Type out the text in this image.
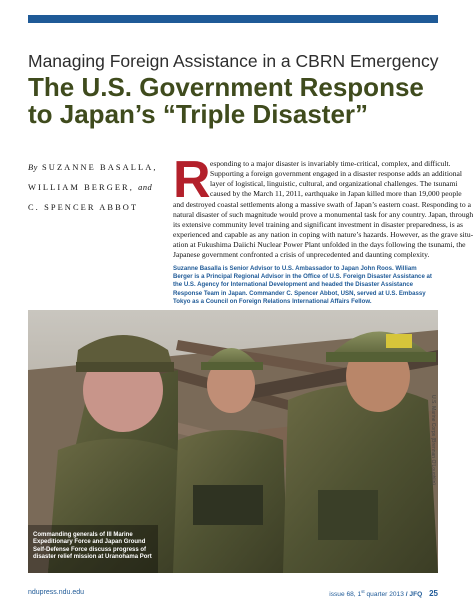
Managing Foreign Assistance in a CBRN Emergency
The U.S. Government Response
to Japan’s “Triple Disaster”
By SUZANNE BASALLA,
WILLIAM BERGER, and
C. SPENCER ABBOT R esponding to a major disaster is invariably time-critical, complex, and difficult.
Supporting a foreign government engaged in a disaster response adds an additional
layer of logistical, linguistic, cultural, and organizational challenges. The tsunami
caused by the March 11, 2011, earthquake in Japan killed more than 19,000 people
and destroyed coastal settlements along a massive swath of Japan’s eastern coast. Responding to a
natural disaster of such magnitude would prove a monumental task for any country. Japan, through
its extensive community level training and significant investment in disaster preparedness, is as
experienced and capable as any nation in coping with nature’s hazards. However, as the grave situ-
ation at Fukushima Daiichi Nuclear Power Plant unfolded in the days following the tsunami, the
Japanese government confronted a crisis of unprecedented and daunting complexity.
Suzanne Basalla is Senior Advisor to U.S. Ambassador to Japan John Roos. William Berger is a Principal Regional Advisor in the Office of U.S. Foreign Disaster Assistance at the U.S. Agency for International Development and headed the Disaster Assistance Response Team in Japan. Commander C. Spencer Abbot, USN, served at U.S. Embassy Tokyo as a Council on Foreign Relations International Affairs Fellow.
Commanding generals of III Marine Expeditionary Force and Japan Ground Self-Defense Force discuss progress of disaster relief mission at Uranohama Port
U.S. Marine Corps (Brennan O’Loughlin)
ndupress.ndu.edu	issue 68, 1st quarter 2013 / JFQ 25
